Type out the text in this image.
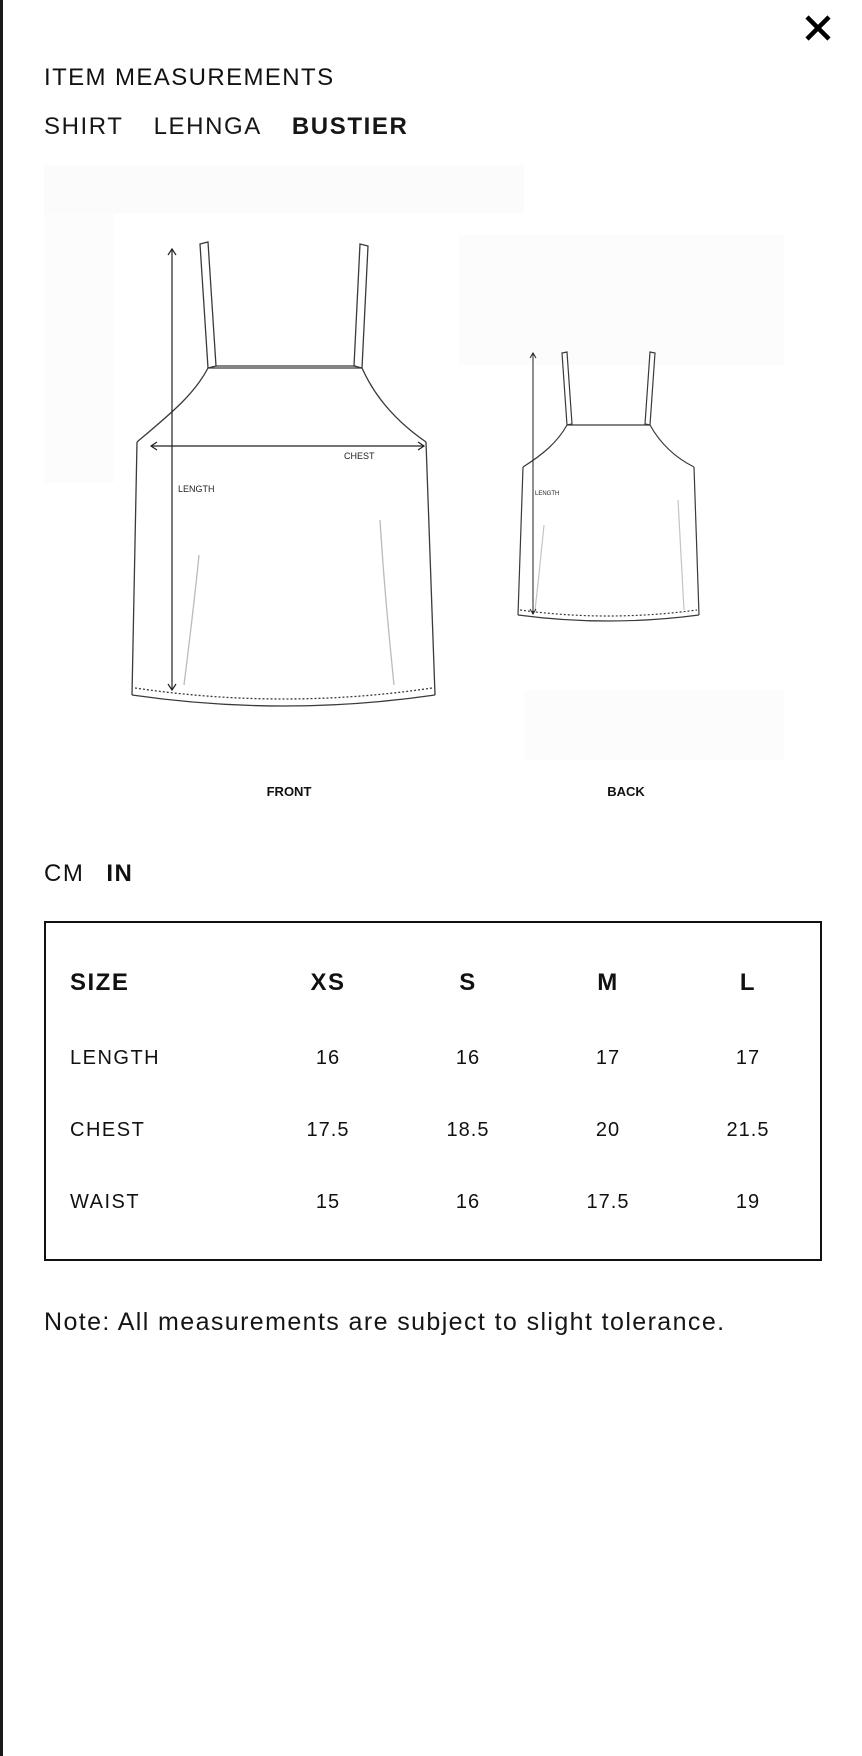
ITEM MEASUREMENTS
SHIRT LEHNGA BUSTIER
CHEST
LENGTH
FRONT
LENGTH
BACK
CM IN
SIZE	XS	S	M	L
LENGTH	16	16	17	17
CHEST	17.5	18.5	20	21.5
WAIST	15	16	17.5	19
Note: All measurements are subject to slight tolerance.
